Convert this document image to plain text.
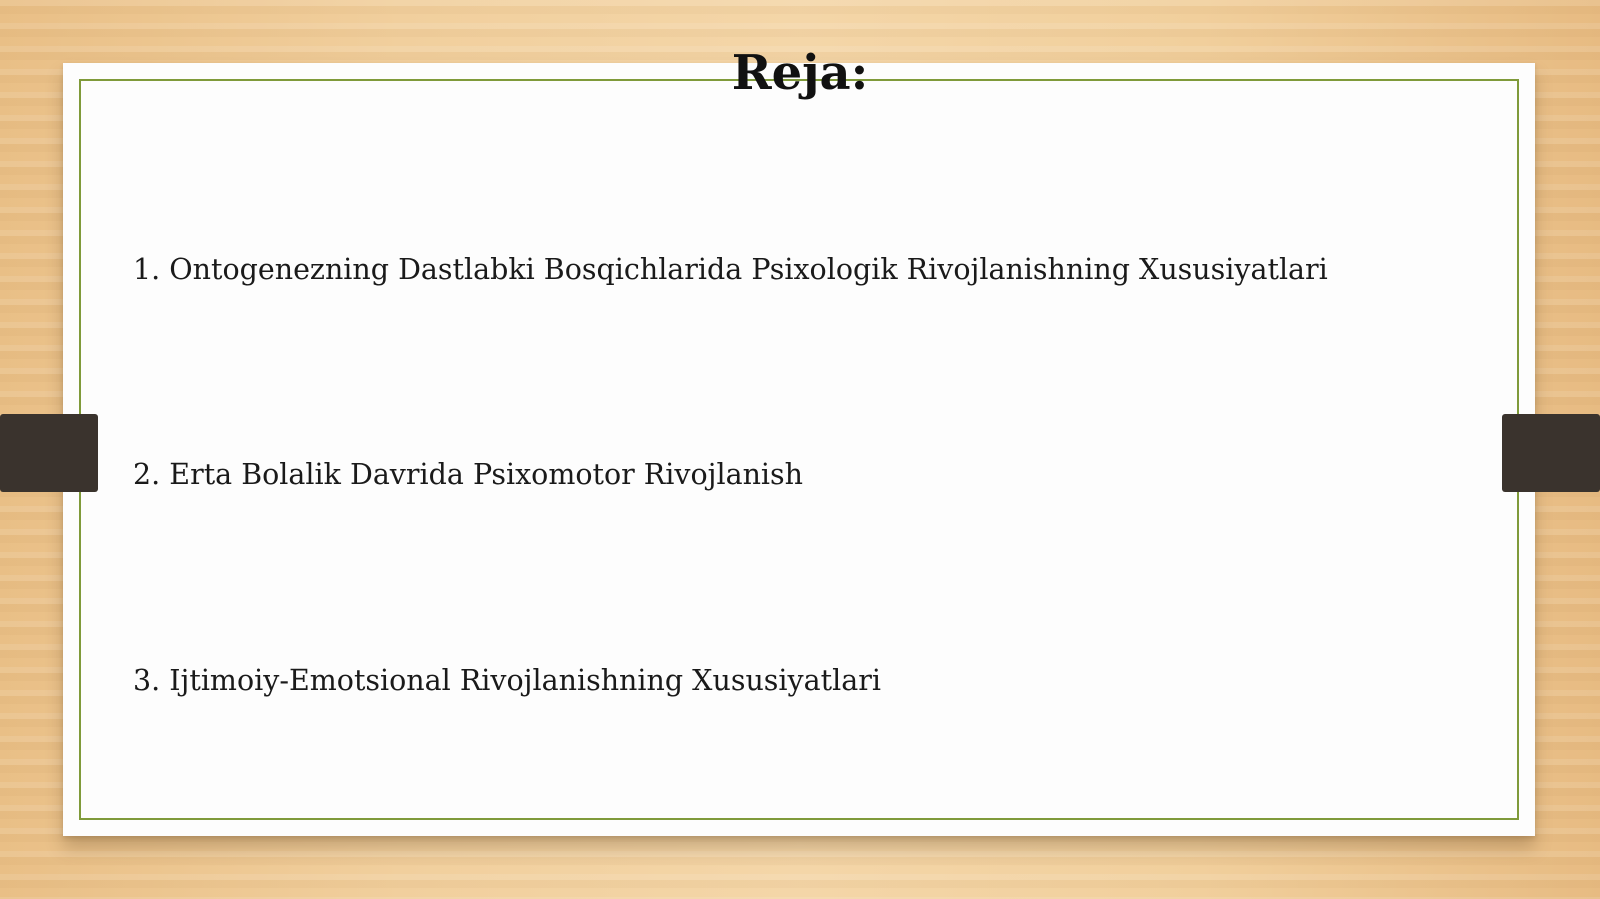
Reja:
1. Ontogenezning Dastlabki Bosqichlarida Psixologik Rivojlanishning Xususiyatlari
2. Erta Bolalik Davrida Psixomotor Rivojlanish
3. Ijtimoiy-Emotsional Rivojlanishning Xususiyatlari
